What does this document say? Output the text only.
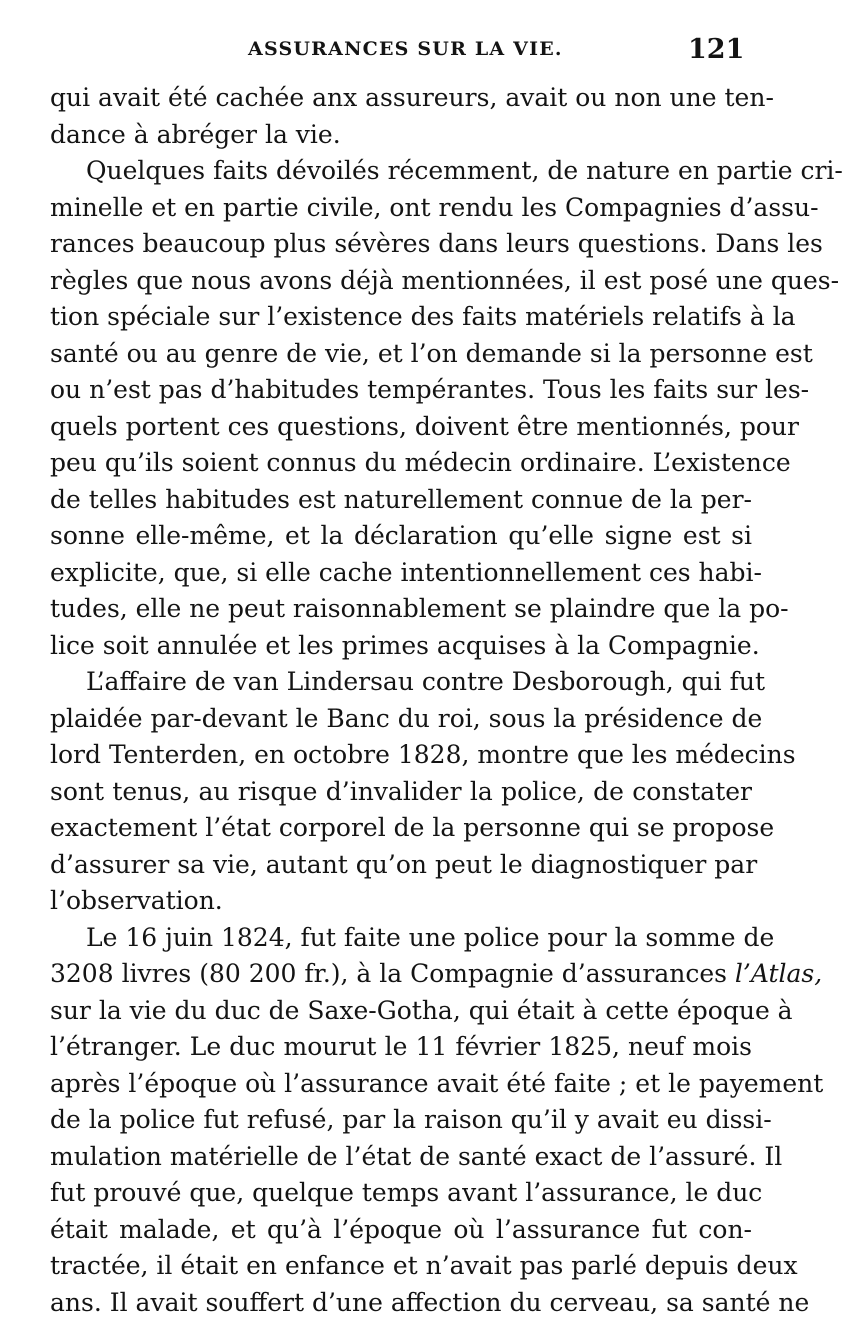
ASSURANCES SUR LA VIE.	121
qui avait été cachée anx assureurs, avait ou non une ten-
dance à abréger la vie.
Quelques faits dévoilés récemment, de nature en partie cri-
minelle et en partie civile, ont rendu les Compagnies d’assu-
rances beaucoup plus sévères dans leurs questions. Dans les
règles que nous avons déjà mentionnées, il est posé une ques-
tion spéciale sur l’existence des faits matériels relatifs à la
santé ou au genre de vie, et l’on demande si la personne est
ou n’est pas d’habitudes tempérantes. Tous les faits sur les-
quels portent ces questions, doivent être mentionnés, pour
peu qu’ils soient connus du médecin ordinaire. L’existence
de telles habitudes est naturellement connue de la per-
sonne elle-même, et la déclaration qu’elle signe est si
explicite, que, si elle cache intentionnellement ces habi-
tudes, elle ne peut raisonnablement se plaindre que la po-
lice soit annulée et les primes acquises à la Compagnie.
L’affaire de van Lindersau contre Desborough, qui fut
plaidée par-devant le Banc du roi, sous la présidence de
lord Tenterden, en octobre 1828, montre que les médecins
sont tenus, au risque d’invalider la police, de constater
exactement l’état corporel de la personne qui se propose
d’assurer sa vie, autant qu’on peut le diagnostiquer par
l’observation.
Le 16 juin 1824, fut faite une police pour la somme de
3208 livres (80 200 fr.), à la Compagnie d’assurances l’Atlas,
sur la vie du duc de Saxe-Gotha, qui était à cette époque à
l’étranger. Le duc mourut le 11 février 1825, neuf mois
après l’époque où l’assurance avait été faite ; et le payement
de la police fut refusé, par la raison qu’il y avait eu dissi-
mulation matérielle de l’état de santé exact de l’assuré. Il
fut prouvé que, quelque temps avant l’assurance, le duc
était malade, et qu’à l’époque où l’assurance fut con-
tractée, il était en enfance et n’avait pas parlé depuis deux
ans. Il avait souffert d’une affection du cerveau, sa santé ne
